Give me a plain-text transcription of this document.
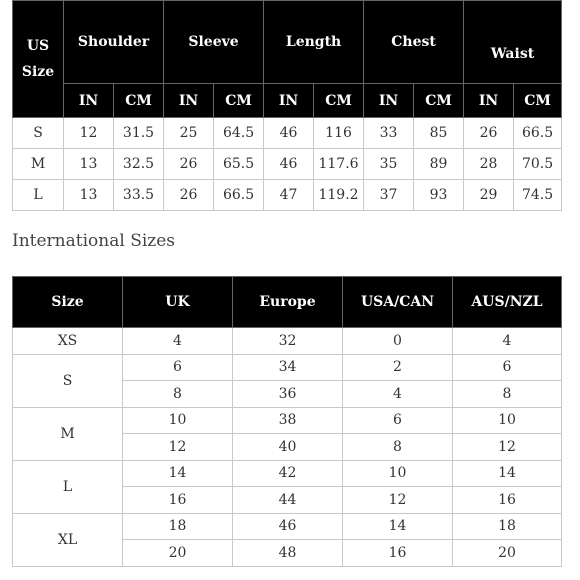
US Size	Shoulder		Sleeve		Length		Chest		Waist	
	IN	CM	IN	CM	IN	CM	IN	CM	IN	CM
S	12	31.5	25	64.5	46	116	33	85	26	66.5
M	13	32.5	26	65.5	46	117.6	35	89	28	70.5
L	13	33.5	26	66.5	47	119.2	37	93	29	74.5
International Sizes
Size	UK	Europe	USA/CAN	AUS/NZL
XS	4	32	0	4
S	6	34	2	6
	8	36	4	8
M	10	38	6	10
	12	40	8	12
L	14	42	10	14
	16	44	12	16
XL	18	46	14	18
	20	48	16	20
